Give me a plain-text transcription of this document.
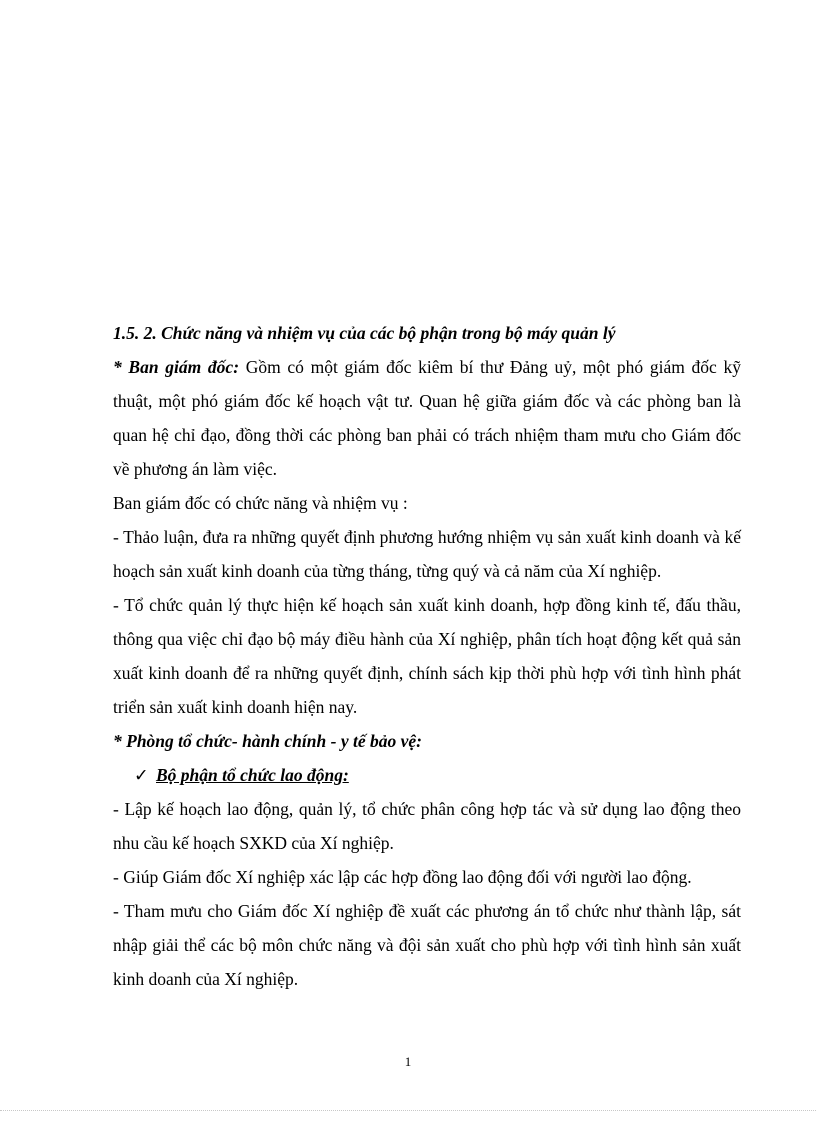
1.5. 2. Chức năng và nhiệm vụ của các bộ phận trong bộ máy quản lý

* Ban giám đốc: Gồm có một giám đốc kiêm bí thư Đảng uỷ, một phó giám đốc kỹ thuật, một phó giám đốc kế hoạch vật tư. Quan hệ giữa giám đốc và các phòng ban là quan hệ chỉ đạo, đồng thời các phòng ban phải có trách nhiệm tham mưu cho Giám đốc về phương án làm việc.

Ban giám đốc có chức năng và nhiệm vụ :

- Thảo luận, đưa ra những quyết định phương hướng nhiệm vụ sản xuất kinh doanh và kế hoạch sản xuất kinh doanh của từng tháng, từng quý và cả năm của Xí nghiệp.

- Tổ chức quản lý thực hiện kế hoạch sản xuất kinh doanh, hợp đồng kinh tế, đấu thầu, thông qua việc chỉ đạo bộ máy điều hành của Xí nghiệp, phân tích hoạt động kết quả sản xuất kinh doanh để ra những quyết định, chính sách kịp thời phù hợp với tình hình phát triển sản xuất kinh doanh hiện nay.

* Phòng tổ chức- hành chính - y tế bảo vệ:

✓ Bộ phận tổ chức lao động:

- Lập kế hoạch lao động, quản lý, tổ chức phân công hợp tác và sử dụng lao động theo nhu cầu kế hoạch SXKD của Xí nghiệp.

- Giúp Giám đốc Xí nghiệp xác lập các hợp đồng lao động đối với người lao động.

- Tham mưu cho Giám đốc Xí nghiệp đề xuất các phương án tổ chức như thành lập, sát nhập giải thể các bộ môn chức năng và đội sản xuất cho phù hợp với tình hình sản xuất kinh doanh của Xí nghiệp.

1
